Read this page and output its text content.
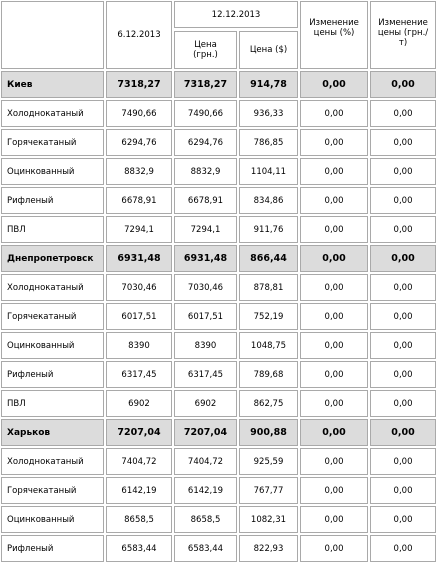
	6.12.2013	12.12.2013		Изменение цены (%)	Изменение цены (грн./т)

		Цена (грн.)	Цена ($)		

Киев	7318,27	7318,27	914,78	0,00	0,00

Холоднокатаный	7490,66	7490,66	936,33	0,00	0,00

Горячекатаный	6294,76	6294,76	786,85	0,00	0,00

Оцинкованный	8832,9	8832,9	1104,11	0,00	0,00

Рифленый	6678,91	6678,91	834,86	0,00	0,00

ПВЛ	7294,1	7294,1	911,76	0,00	0,00

Днепропетровск	6931,48	6931,48	866,44	0,00	0,00

Холоднокатаный	7030,46	7030,46	878,81	0,00	0,00

Горячекатаный	6017,51	6017,51	752,19	0,00	0,00

Оцинкованный	8390	8390	1048,75	0,00	0,00

Рифленый	6317,45	6317,45	789,68	0,00	0,00

ПВЛ	6902	6902	862,75	0,00	0,00

Харьков	7207,04	7207,04	900,88	0,00	0,00

Холоднокатаный	7404,72	7404,72	925,59	0,00	0,00

Горячекатаный	6142,19	6142,19	767,77	0,00	0,00

Оцинкованный	8658,5	8658,5	1082,31	0,00	0,00

Рифленый	6583,44	6583,44	822,93	0,00	0,00
